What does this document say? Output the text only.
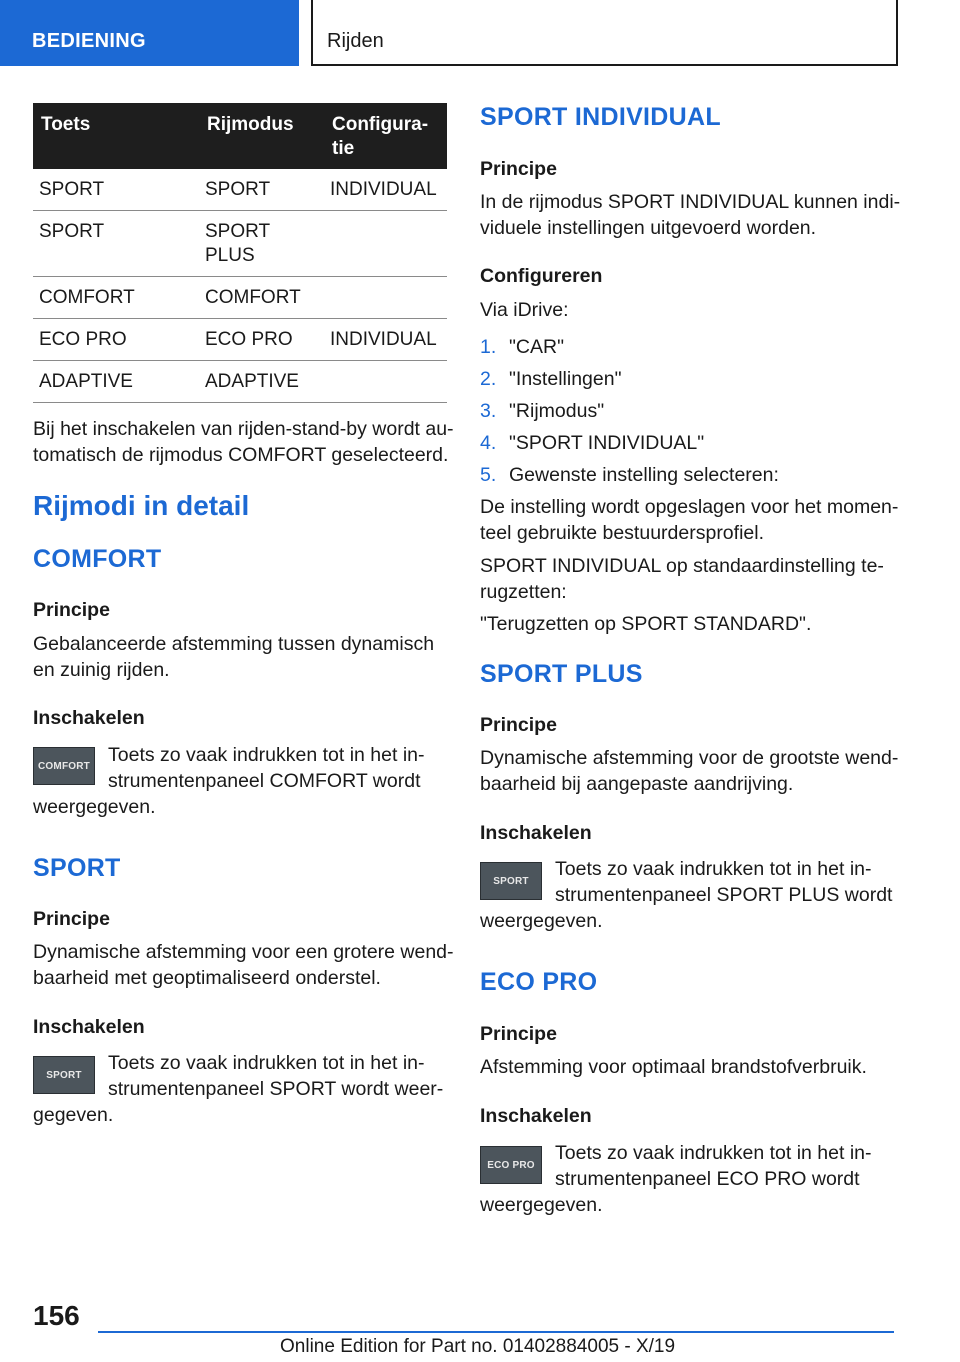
BEDIENING	Rijden
Toets	Rijmodus	Configura-
tie
SPORT	SPORT	INDIVIDUAL
SPORT	SPORT
PLUS	
COMFORT	COMFORT	
ECO PRO	ECO PRO	INDIVIDUAL
ADAPTIVE	ADAPTIVE	

Bij het inschakelen van rijden-stand-by wordt au-

tomatisch de rijmodus COMFORT geselecteerd.

Rijmodi in detail
COMFORT
Principe

Gebalanceerde afstemming tussen dynamisch

en zuinig rijden.

Inschakelen
COMFORT Toets zo vaak indrukken tot in het in-

strumentenpaneel COMFORT wordt

weergegeven.

SPORT
Principe

Dynamische afstemming voor een grotere wend-

baarheid met geoptimaliseerd onderstel.

Inschakelen
SPORT

Toets zo vaak indrukken tot in het in-

strumentenpaneel SPORT wordt weer-

gegeven.

SPORT INDIVIDUAL
Principe

In de rijmodus SPORT INDIVIDUAL kunnen indi-

viduele instellingen uitgevoerd worden.

Configureren

Via iDrive:

1. "CAR"
2. "Instellingen"
3. "Rijmodus"
4. "SPORT INDIVIDUAL"
5. Gewenste instelling selecteren:

De instelling wordt opgeslagen voor het momen-

teel gebruikte bestuurdersprofiel.

SPORT INDIVIDUAL op standaardinstelling te-

rugzetten:

"Terugzetten op SPORT STANDARD".

SPORT PLUS
Principe

Dynamische afstemming voor de grootste wend-

baarheid bij aangepaste aandrijving.

Inschakelen
SPORT

Toets zo vaak indrukken tot in het in-

strumentenpaneel SPORT PLUS wordt

weergegeven.

ECO PRO
Principe

Afstemming voor optimaal brandstofverbruik.

Inschakelen
ECO PRO

Toets zo vaak indrukken tot in het in-

strumentenpaneel ECO PRO wordt

weergegeven.

156
Online Edition for Part no. 01402884005 - X/19
